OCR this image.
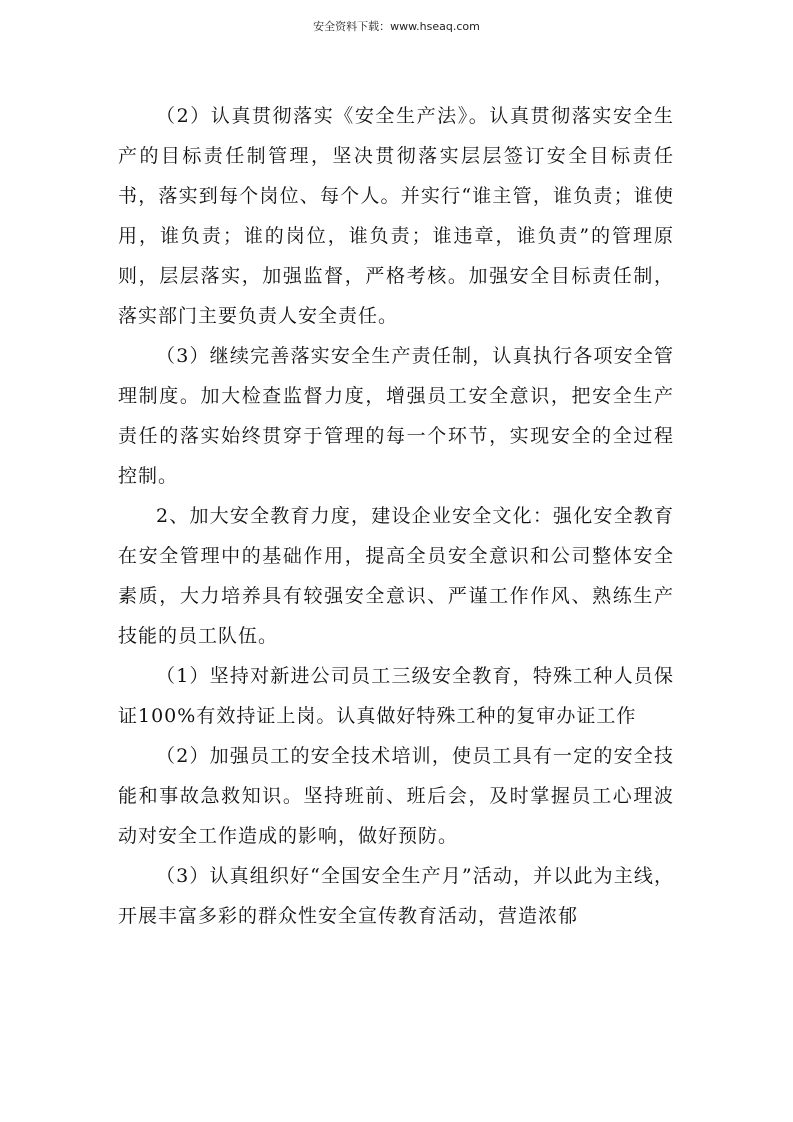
安全资料下载：www.hseaq.com

（2）认真贯彻落实《安全生产法》。认真贯彻落实安全生产的目标责任制管理，坚决贯彻落实层层签订安全目标责任书，落实到每个岗位、每个人。并实行“谁主管，谁负责；谁使用，谁负责；谁的岗位，谁负责；谁违章，谁负责”的管理原则，层层落实，加强监督，严格考核。加强安全目标责任制，落实部门主要负责人安全责任。

（3）继续完善落实安全生产责任制，认真执行各项安全管理制度。加大检查监督力度，增强员工安全意识，把安全生产责任的落实始终贯穿于管理的每一个环节，实现安全的全过程控制。

2、加大安全教育力度，建设企业安全文化：强化安全教育在安全管理中的基础作用，提高全员安全意识和公司整体安全素质，大力培养具有较强安全意识、严谨工作作风、熟练生产技能的员工队伍。

（1）坚持对新进公司员工三级安全教育，特殊工种人员保证100%有效持证上岗。认真做好特殊工种的复审办证工作

（2）加强员工的安全技术培训，使员工具有一定的安全技能和事故急救知识。坚持班前、班后会，及时掌握员工心理波动对安全工作造成的影响，做好预防。

（3）认真组织好“全国安全生产月”活动，并以此为主线，开展丰富多彩的群众性安全宣传教育活动，营造浓郁
